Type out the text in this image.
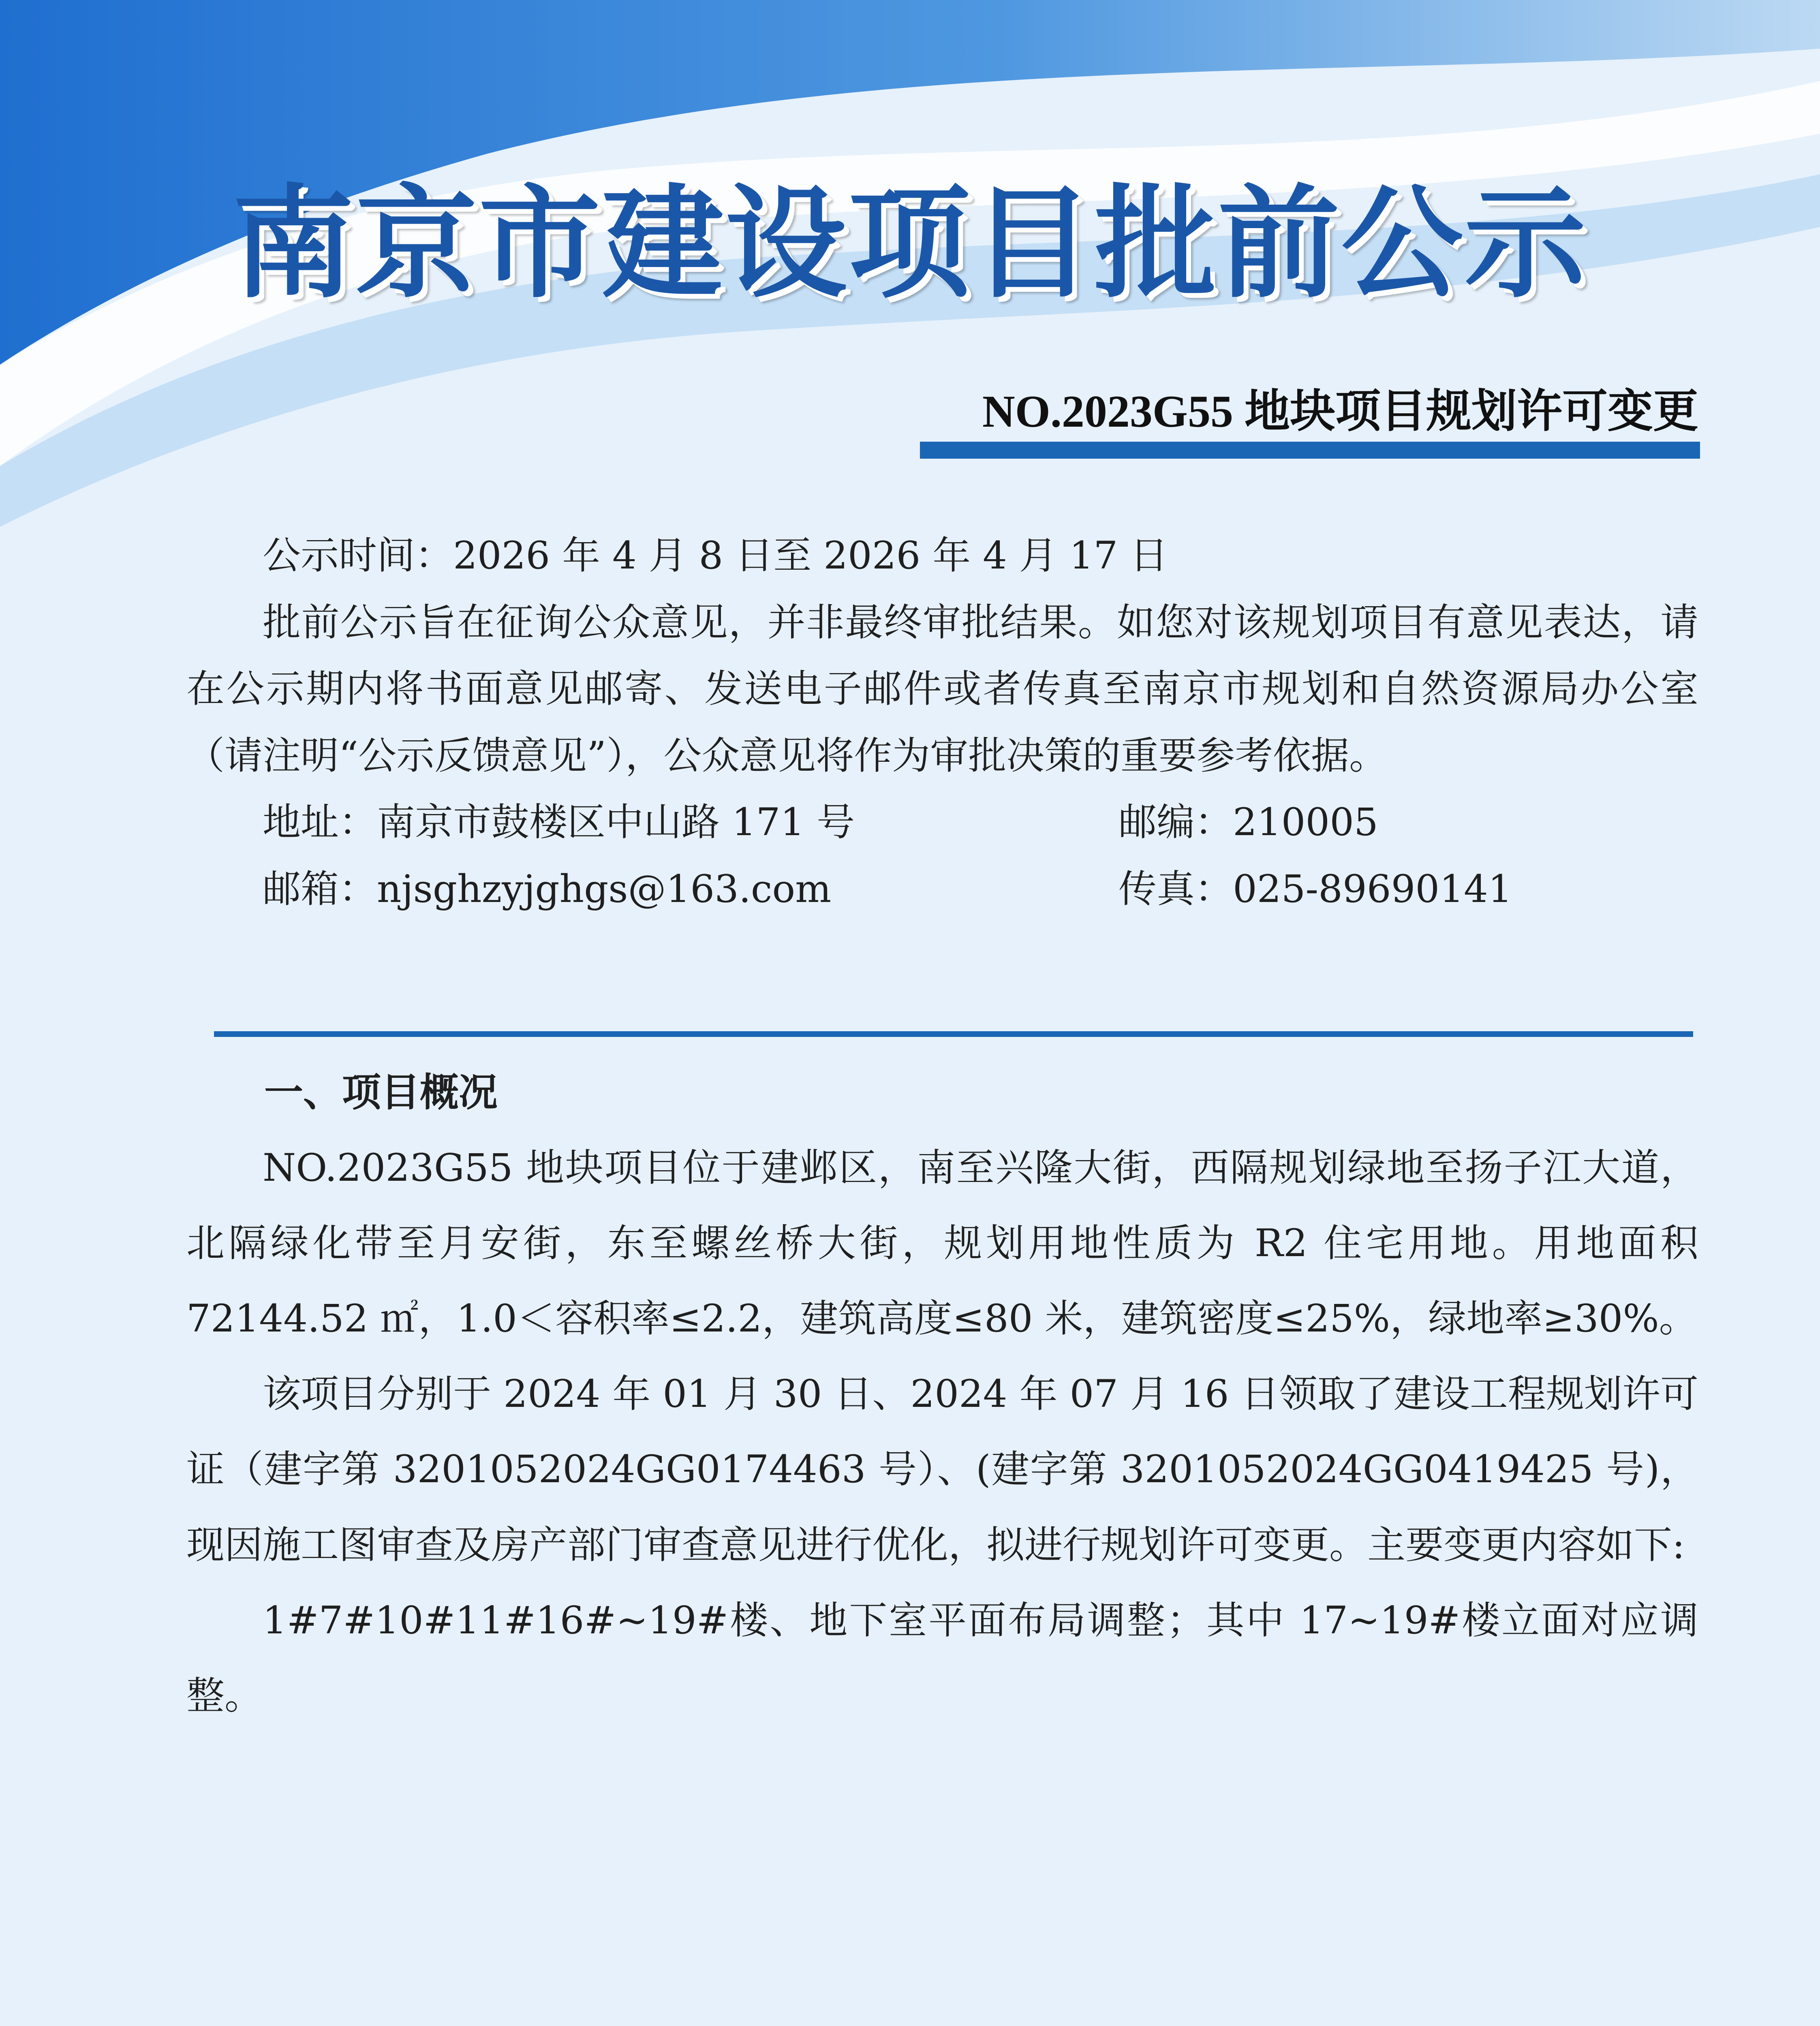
南京市建设项目批前公示
NO.2023G55 地块项目规划许可变更

公示时间：2026 年 4 月 8 日至 2026 年 4 月 17 日

批前公示旨在征询公众意见，并非最终审批结果。如您对该规划项目有意见表达，请在公示期内将书面意见邮寄、发送电子邮件或者传真至南京市规划和自然资源局办公室（请注明“公示反馈意见”），公众意见将作为审批决策的重要参考依据。

地址：南京市鼓楼区中山路 171 号	邮编：210005
邮箱：njsghzyjghgs@163.com	传真：025-89690141
一、项目概况

NO.2023G55 地块项目位于建邺区，南至兴隆大街，西隔规划绿地至扬子江大道，北隔绿化带至月安街，东至螺丝桥大街，规划用地性质为 R2 住宅用地。用地面积 72144.52 ㎡，1.0＜容积率≤2.2，建筑高度≤80 米，建筑密度≤25%，绿地率≥30%。

该项目分别于 2024 年 01 月 30 日、2024 年 07 月 16 日领取了建设工程规划许可证（建字第 3201052024GG0174463 号）、(建字第 3201052024GG0419425 号)，现因施工图审查及房产部门审查意见进行优化，拟进行规划许可变更。主要变更内容如下:

1#7#10#11#16#~19#楼、地下室平面布局调整；其中 17~19#楼立面对应调整。
